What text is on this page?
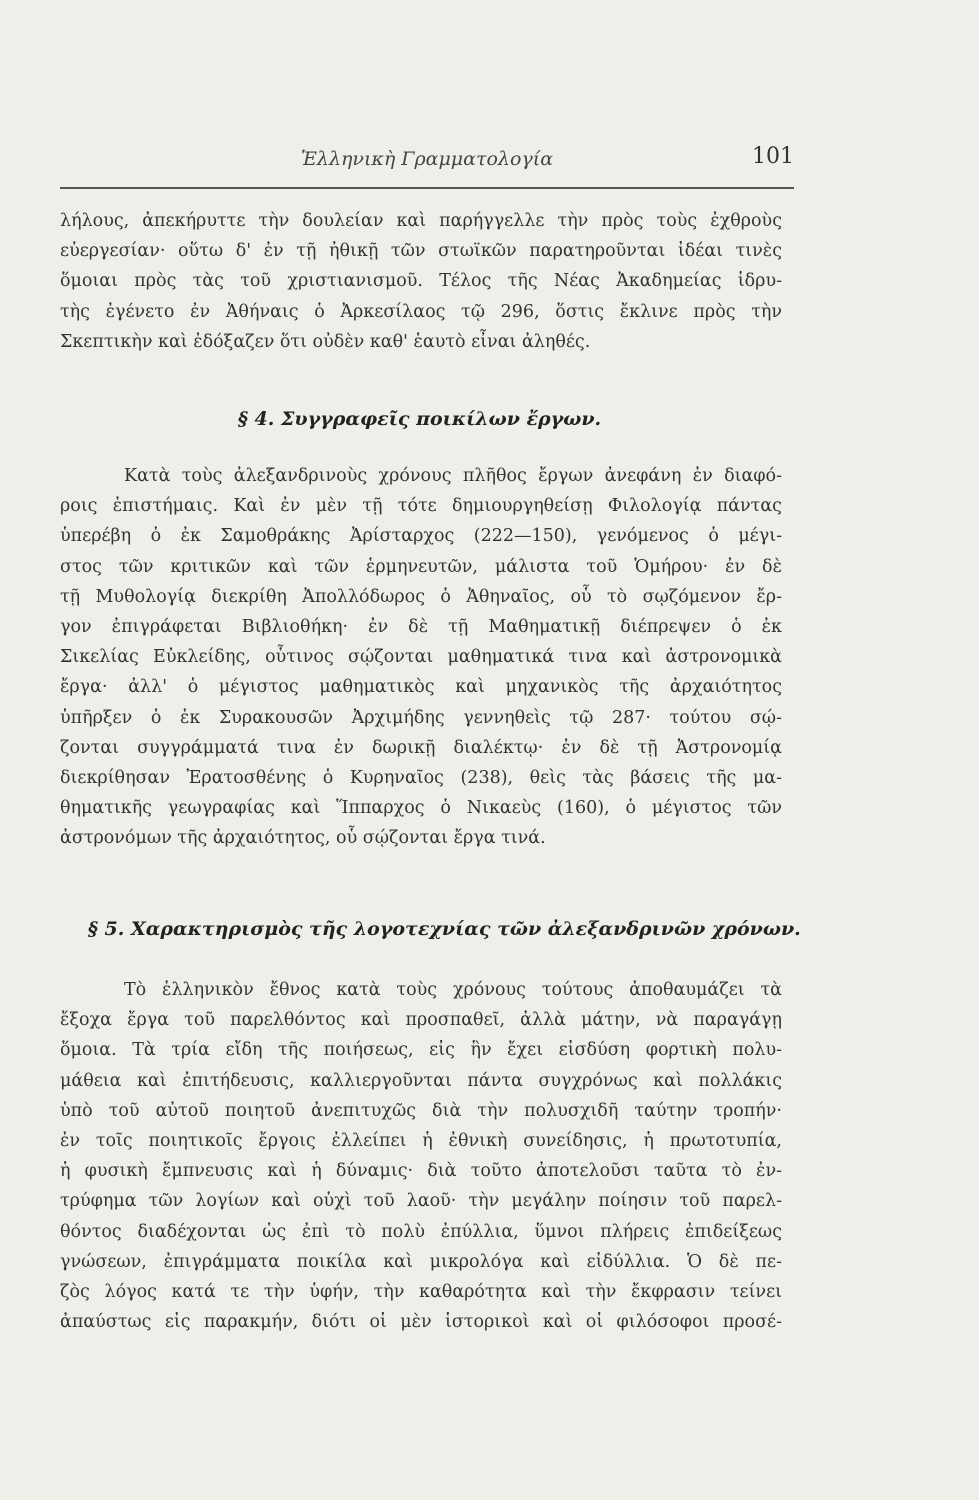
Ἑλληνικὴ Γραμματολογία	101
λήλους, ἀπεκήρυττε τὴν δουλείαν καὶ παρήγγελλε τὴν πρὸς τοὺς ἐχθροὺς
εὐεργεσίαν· οὕτω δ' ἐν τῇ ἠθικῇ τῶν στωϊκῶν παρατηροῦνται ἰδέαι τινὲς
ὅμοιαι πρὸς τὰς τοῦ χριστιανισμοῦ. Τέλος τῆς Νέας Ἀκαδημείας ἱδρυ-
τὴς ἐγένετο ἐν Ἀθήναις ὁ Ἀρκεσίλαος τῷ 296, ὅστις ἔκλινε πρὸς τὴν
Σκεπτικὴν καὶ ἐδόξαζεν ὅτι οὐδὲν καθ' ἑαυτὸ εἶναι ἀληθές.
§ 4. Συγγραφεῖς ποικίλων ἔργων.
Κατὰ τοὺς ἀλεξανδρινοὺς χρόνους πλῆθος ἔργων ἀνεφάνη ἐν διαφό-
ροις ἐπιστήμαις. Καὶ ἐν μὲν τῇ τότε δημιουργηθείσῃ Φιλολογίᾳ πάντας
ὑπερέβη ὁ ἐκ Σαμοθράκης Ἀρίσταρχος (222—150), γενόμενος ὁ μέγι-
στος τῶν κριτικῶν καὶ τῶν ἑρμηνευτῶν, μάλιστα τοῦ Ὁμήρου· ἐν δὲ
τῇ Μυθολογίᾳ διεκρίθη Ἀπολλόδωρος ὁ Ἀθηναῖος, οὗ τὸ σῳζόμενον ἔρ-
γον ἐπιγράφεται Βιβλιοθήκη· ἐν δὲ τῇ Μαθηματικῇ διέπρεψεν ὁ ἐκ
Σικελίας Εὐκλείδης, οὗτινος σῴζονται μαθηματικά τινα καὶ ἀστρονομικὰ
ἔργα· ἀλλ' ὁ μέγιστος μαθηματικὸς καὶ μηχανικὸς τῆς ἀρχαιότητος
ὑπῆρξεν ὁ ἐκ Συρακουσῶν Ἀρχιμήδης γεννηθεὶς τῷ 287· τούτου σῴ-
ζονται συγγράμματά τινα ἐν δωρικῇ διαλέκτῳ· ἐν δὲ τῇ Ἀστρονομίᾳ
διεκρίθησαν Ἐρατοσθένης ὁ Κυρηναῖος (238), θεὶς τὰς βάσεις τῆς μα-
θηματικῆς γεωγραφίας καὶ Ἵππαρχος ὁ Νικαεὺς (160), ὁ μέγιστος τῶν
ἀστρονόμων τῆς ἀρχαιότητος, οὗ σῴζονται ἔργα τινά.
§ 5. Χαρακτηρισμὸς τῆς λογοτεχνίας τῶν ἀλεξανδρινῶν χρόνων.
Τὸ ἑλληνικὸν ἔθνος κατὰ τοὺς χρόνους τούτους ἀποθαυμάζει τὰ
ἔξοχα ἔργα τοῦ παρελθόντος καὶ προσπαθεῖ, ἀλλὰ μάτην, νὰ παραγάγῃ
ὅμοια. Τὰ τρία εἴδη τῆς ποιήσεως, εἰς ἣν ἔχει εἰσδύση φορτικὴ πολυ-
μάθεια καὶ ἐπιτήδευσις, καλλιεργοῦνται πάντα συγχρόνως καὶ πολλάκις
ὑπὸ τοῦ αὐτοῦ ποιητοῦ ἀνεπιτυχῶς διὰ τὴν πολυσχιδῆ ταύτην τροπήν·
ἐν τοῖς ποιητικοῖς ἔργοις ἐλλείπει ἡ ἐθνικὴ συνείδησις, ἡ πρωτοτυπία,
ἡ φυσικὴ ἔμπνευσις καὶ ἡ δύναμις· διὰ τοῦτο ἀποτελοῦσι ταῦτα τὸ ἐν-
τρύφημα τῶν λογίων καὶ οὐχὶ τοῦ λαοῦ· τὴν μεγάλην ποίησιν τοῦ παρελ-
θόντος διαδέχονται ὡς ἐπὶ τὸ πολὺ ἐπύλλια, ὕμνοι πλήρεις ἐπιδείξεως
γνώσεων, ἐπιγράμματα ποικίλα καὶ μικρολόγα καὶ εἰδύλλια. Ὁ δὲ πε-
ζὸς λόγος κατά τε τὴν ὑφήν, τὴν καθαρότητα καὶ τὴν ἔκφρασιν τείνει
ἀπαύστως εἰς παρακμήν, διότι οἱ μὲν ἱστορικοὶ καὶ οἱ φιλόσοφοι προσέ-
